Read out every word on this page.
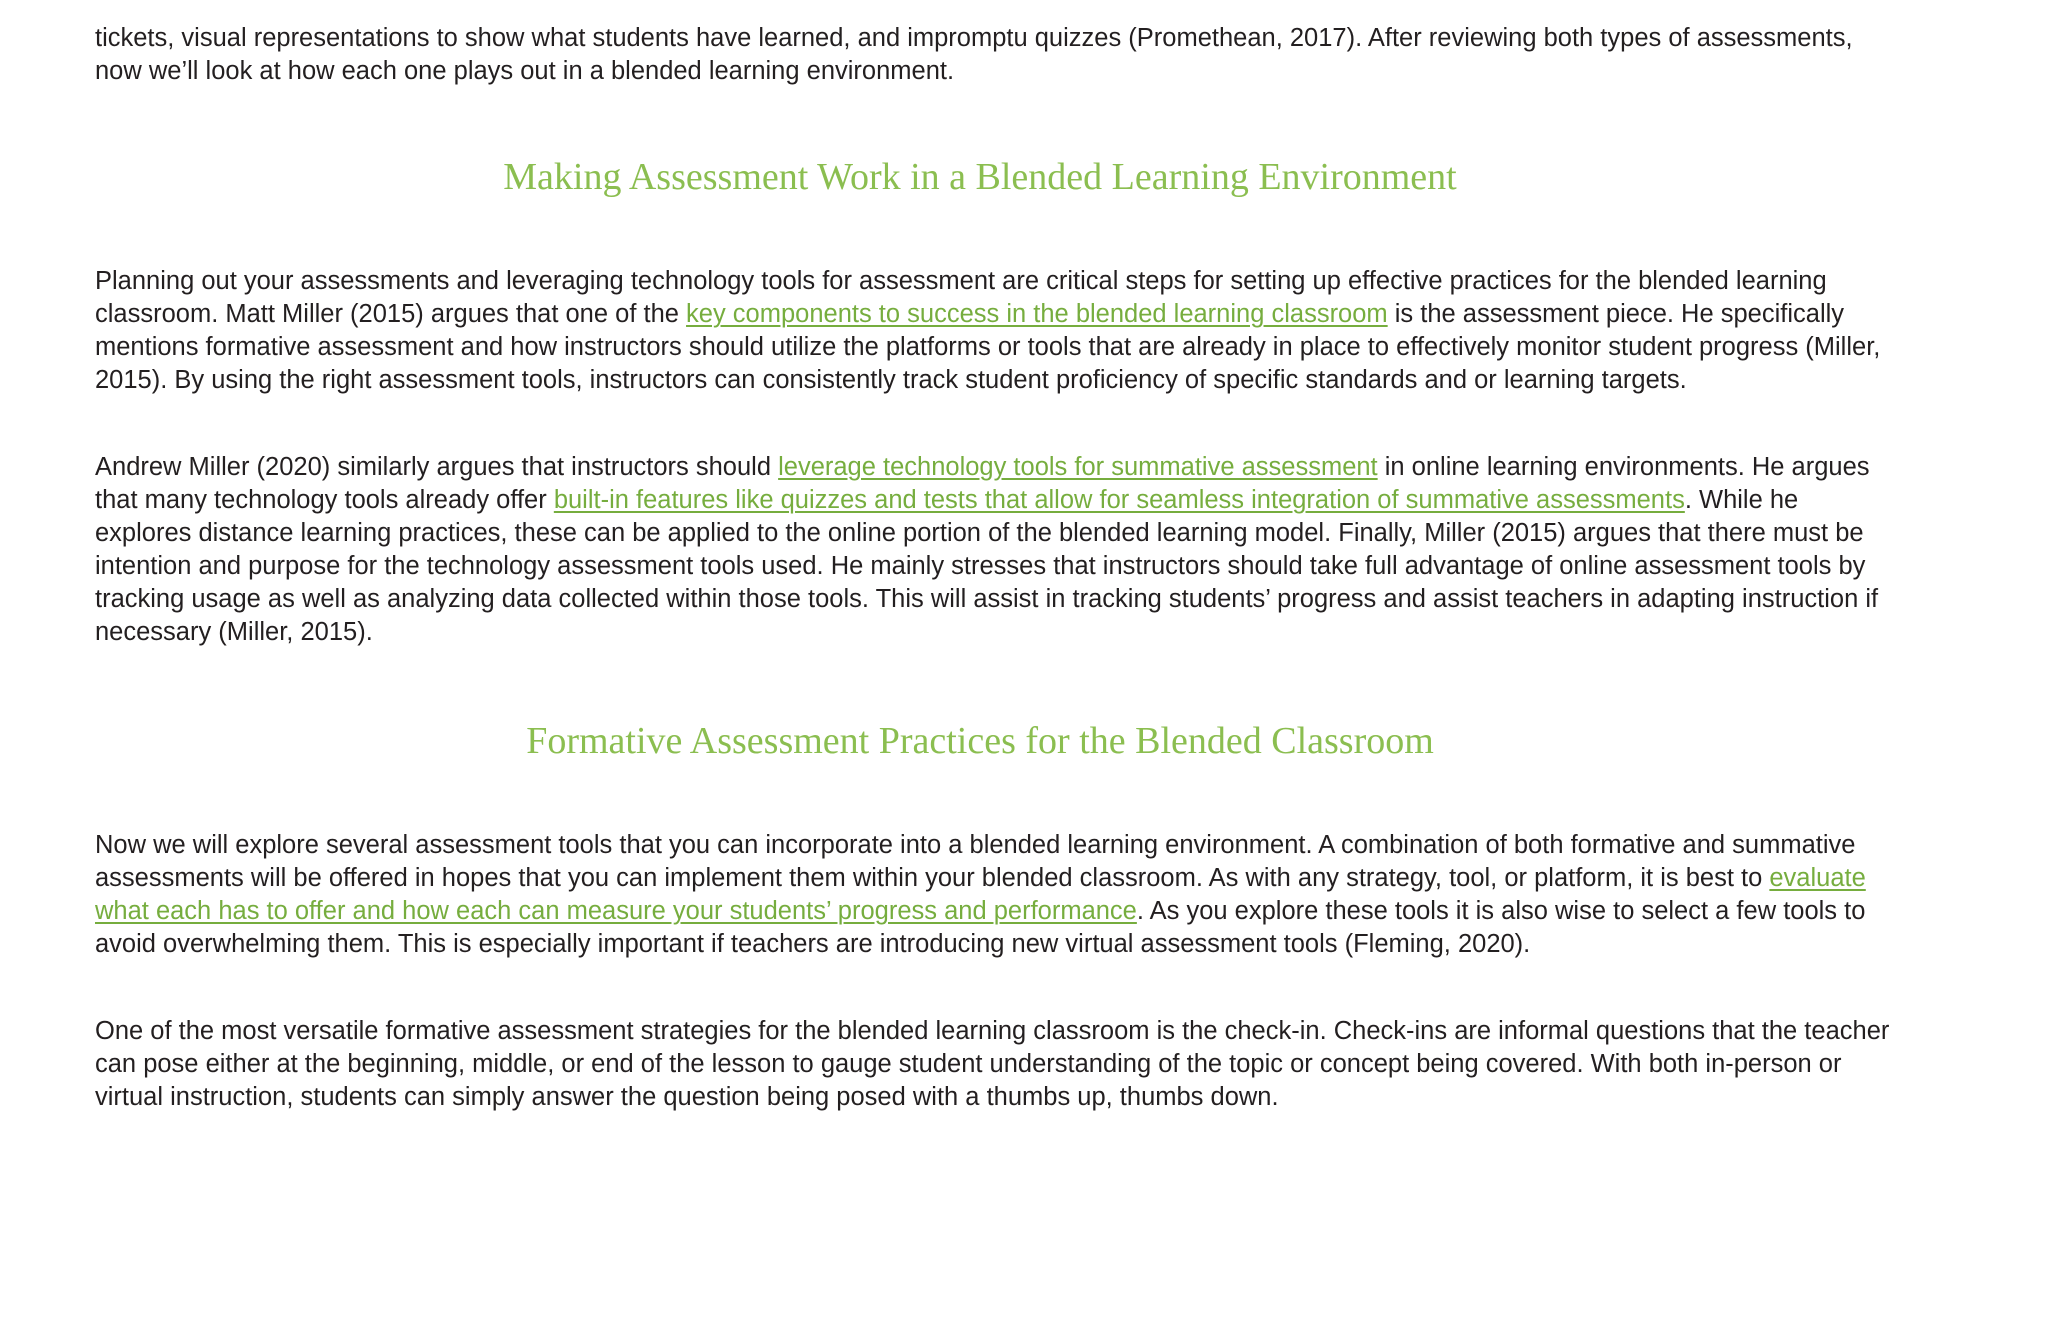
tickets, visual representations to show what students have learned, and impromptu quizzes (Promethean, 2017). After reviewing both types of assessments, now we’ll look at how each one plays out in a blended learning environment.

Making Assessment Work in a Blended Learning Environment

Planning out your assessments and leveraging technology tools for assessment are critical steps for setting up effective practices for the blended learning classroom. Matt Miller (2015) argues that one of the key components to success in the blended learning classroom is the assessment piece. He specifically mentions formative assessment and how instructors should utilize the platforms or tools that are already in place to effectively monitor student progress (Miller, 2015). By using the right assessment tools, instructors can consistently track student proficiency of specific standards and or learning targets.

Andrew Miller (2020) similarly argues that instructors should leverage technology tools for summative assessment in online learning environments. He argues that many technology tools already offer built-in features like quizzes and tests that allow for seamless integration of summative assessments. While he explores distance learning practices, these can be applied to the online portion of the blended learning model. Finally, Miller (2015) argues that there must be intention and purpose for the technology assessment tools used. He mainly stresses that instructors should take full advantage of online assessment tools by tracking usage as well as analyzing data collected within those tools. This will assist in tracking students’ progress and assist teachers in adapting instruction if necessary (Miller, 2015).

Formative Assessment Practices for the Blended Classroom

Now we will explore several assessment tools that you can incorporate into a blended learning environment. A combination of both formative and summative assessments will be offered in hopes that you can implement them within your blended classroom. As with any strategy, tool, or platform, it is best to evaluate what each has to offer and how each can measure your students’ progress and performance. As you explore these tools it is also wise to select a few tools to avoid overwhelming them. This is especially important if teachers are introducing new virtual assessment tools (Fleming, 2020).

One of the most versatile formative assessment strategies for the blended learning classroom is the check-in. Check-ins are informal questions that the teacher can pose either at the beginning, middle, or end of the lesson to gauge student understanding of the topic or concept being covered. With both in-person or virtual instruction, students can simply answer the question being posed with a thumbs up, thumbs down.
